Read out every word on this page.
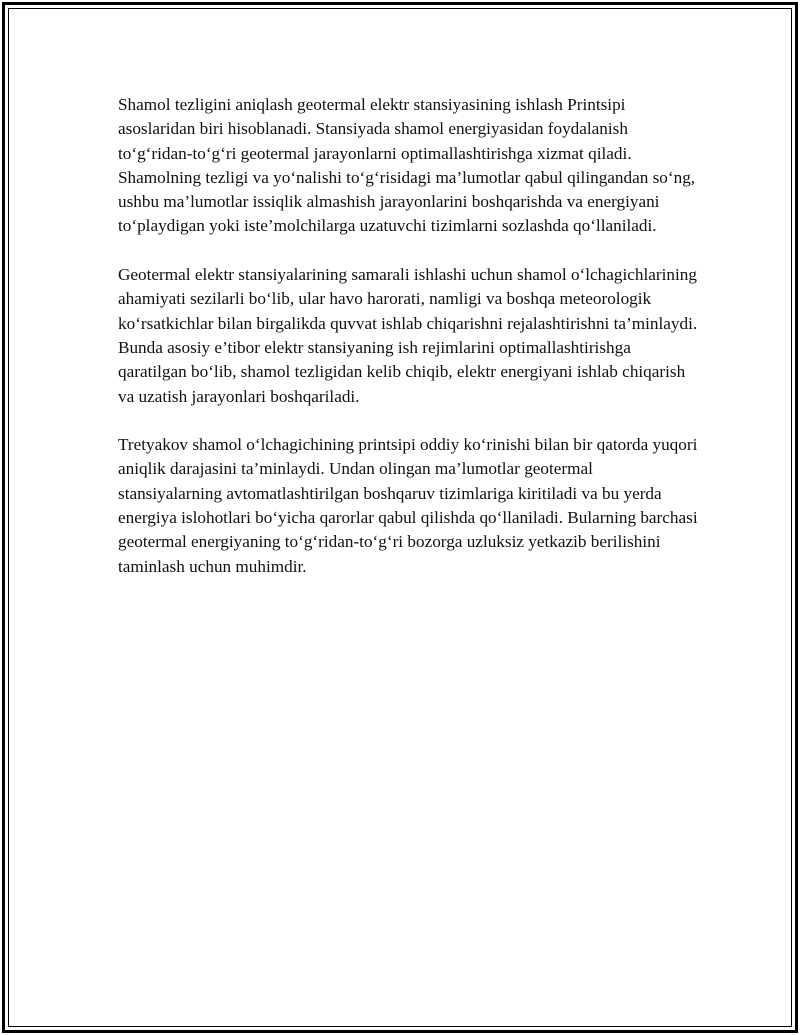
Shamol tezligini aniqlash geotermal elektr stansiyasining ishlash Printsipi asoslaridan biri hisoblanadi. Stansiyada shamol energiyasidan foydalanish to‘g‘ridan-to‘g‘ri geotermal jarayonlarni optimallashtirishga xizmat qiladi. Shamolning tezligi va yo‘nalishi to‘g‘risidagi ma’lumotlar qabul qilingandan so‘ng, ushbu ma’lumotlar issiqlik almashish jarayonlarini boshqarishda va energiyani to‘playdigan yoki iste’molchilarga uzatuvchi tizimlarni sozlashda qo‘llaniladi.

Geotermal elektr stansiyalarining samarali ishlashi uchun shamol o‘lchagichlarining ahamiyati sezilarli bo‘lib, ular havo harorati, namligi va boshqa meteorologik ko‘rsatkichlar bilan birgalikda quvvat ishlab chiqarishni rejalashtirishni ta’minlaydi. Bunda asosiy e’tibor elektr stansiyaning ish rejimlarini optimallashtirishga qaratilgan bo‘lib, shamol tezligidan kelib chiqib, elektr energiyani ishlab chiqarish va uzatish jarayonlari boshqariladi.

Tretyakov shamol o‘lchagichining printsipi oddiy ko‘rinishi bilan bir qatorda yuqori aniqlik darajasini ta’minlaydi. Undan olingan ma’lumotlar geotermal stansiyalarning avtomatlashtirilgan boshqaruv tizimlariga kiritiladi va bu yerda energiya islohotlari bo‘yicha qarorlar qabul qilishda qo‘llaniladi. Bularning barchasi geotermal energiyaning to‘g‘ridan-to‘g‘ri bozorga uzluksiz yetkazib berilishini taminlash uchun muhimdir.
